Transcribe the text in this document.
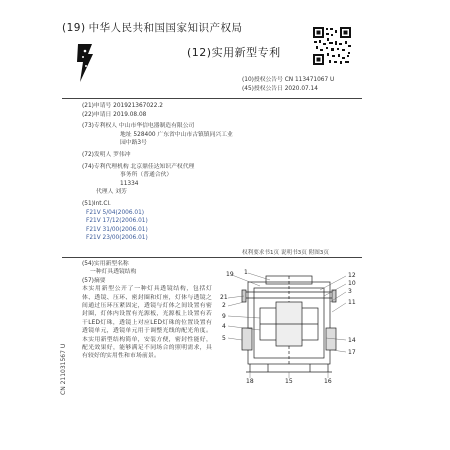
(19) 中华人民共和国国家知识产权局
(12)实用新型专利
(10)授权公告号 CN 113471067 U
(45)授权公告日 2020.07.14
(21)申请号 201921367022.2
(22)申请日 2019.08.08
(73)专利权人 中山市华信电器制造有限公司
地址 528400 广东省中山市古镇镇同兴工业
园中路3号
(72)发明人 罗伟冲
(74)专利代理机构 北京鼎佳达知识产权代理
事务所（普通合伙）
11334
代理人 刘芳
(51)Int.Cl.
F21V 5/04(2006.01)
F21V 17/12(2006.01)
F21V 31/00(2006.01)
F21V 23/00(2006.01)
权利要求书1页 说明书3页 附图3页
(54)实用新型名称
一种灯具透镜结构
(57)摘要
本实用新型公开了一种灯具透镜结构，包括灯体、透镜、压环、密封圈和灯座，灯体与透镜之间通过压环压紧固定，透镜与灯体之间设置有密封圈，灯体内设置有光源板，光源板上设置有若干LED灯珠，透镜上对应LED灯珠的位置设置有透镜单元，透镜单元用于调整光线的配光角度。本实用新型结构简单，安装方便，密封性能好，配光效果好，能够满足不同场合的照明需求，具有较好的实用性和市场前景。
19 1	12
21
2
10
3
11
9
4
5	14
17
18	15	16
CN 211031567 U
